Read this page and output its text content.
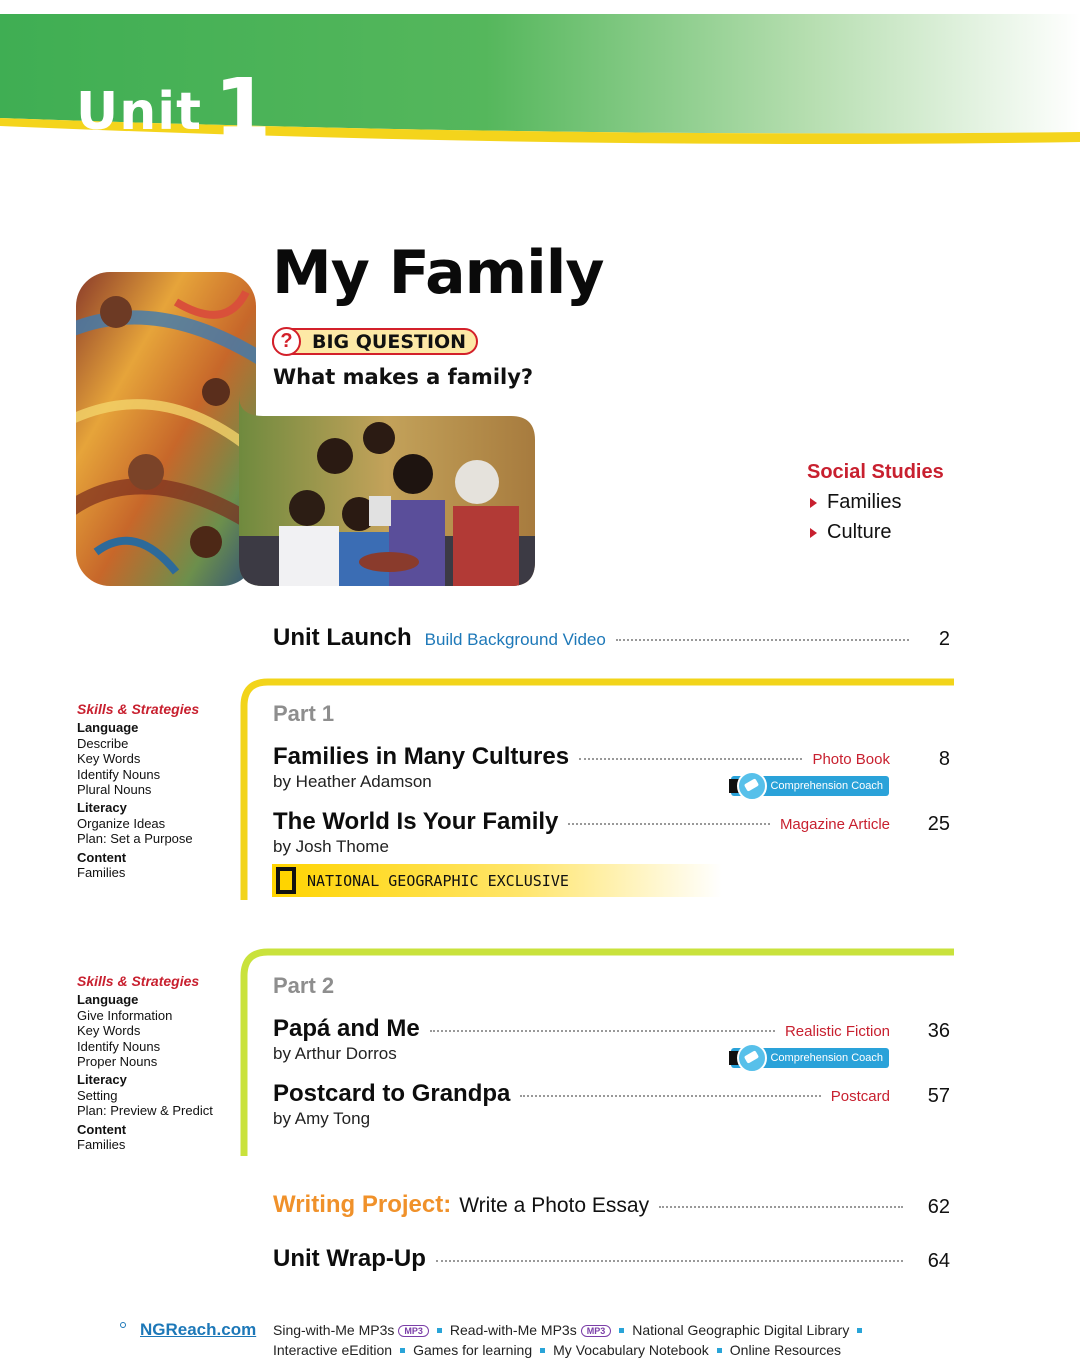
Unit 1
My Family
?	BIG QUESTION
What makes a family?
Social Studies
Families
Culture
Unit Launch Build Background Video	2
Part 1
Skills & Strategies
Language
Describe
Key Words
Identify Nouns
Plural Nouns
Literacy
Organize Ideas
Plan: Set a Purpose
Content
Families
Families in Many Cultures	Photo Book	8
by Heather Adamson	Comprehension Coach
The World Is Your Family	Magazine Article	25
by Josh Thome
NATIONAL GEOGRAPHIC EXCLUSIVE
Part 2
Skills & Strategies
Language
Give Information
Key Words
Identify Nouns
Proper Nouns
Literacy
Setting
Plan: Preview & Predict
Content
Families
Papá and Me	Realistic Fiction	36
by Arthur Dorros	Comprehension Coach
Postcard to Grandpa	Postcard	57
by Amy Tong
Writing Project: Write a Photo Essay	62
Unit Wrap-Up	64
NGReach.com Sing-with-Me MP3s MP3 Read-with-Me MP3s MP3 National Geographic Digital Library
Interactive eEdition Games for learning My Vocabulary Notebook Online Resources
